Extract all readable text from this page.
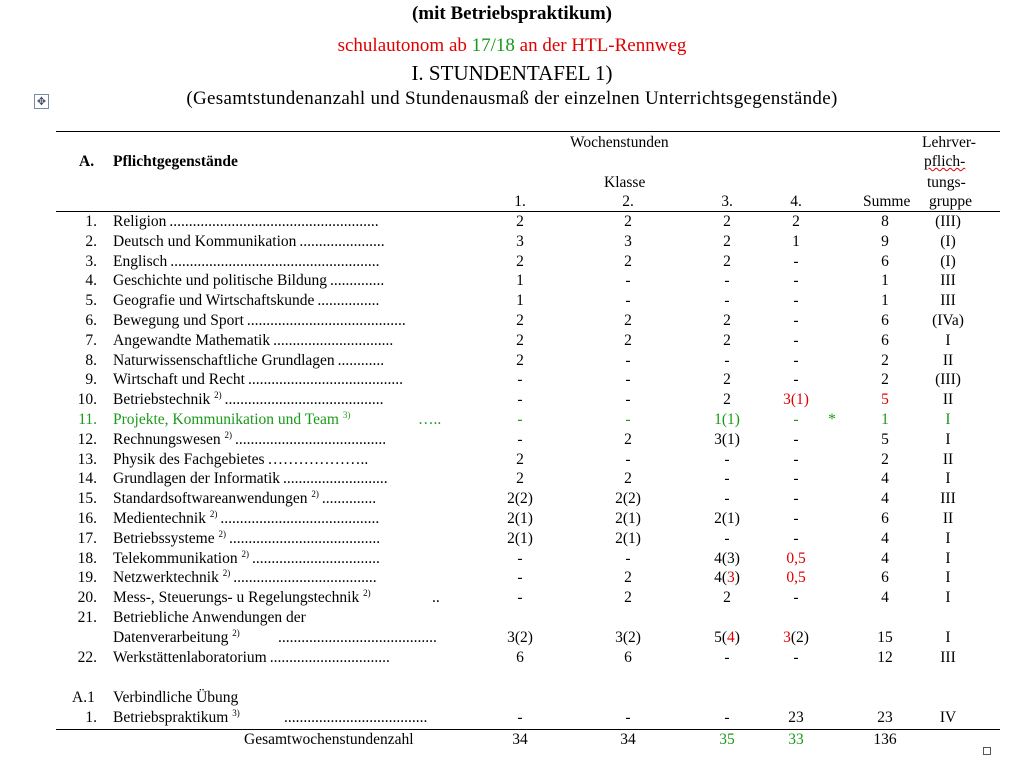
(mit Betriebspraktikum)
schulautonom ab 17/18 an der HTL-Rennweg
I. STUNDENTAFEL 1)
(Gesamtstundenanzahl und Stundenausmaß der einzelnen Unterrichtsgegenstände)
✥
A. Pflichtgegenstände
Wochenstunden
Klasse
1.	2.	3.	4.	Summe
Lehrver-
pflich-
tungs-
gruppe
1. Religion ......................................................	2	2	2	2	8	(III)
2. Deutsch und Kommunikation ......................	3	3	2	1	9	(I)
3. Englisch ......................................................	2	2	2	-	6	(I)
4. Geschichte und politische Bildung ..............	1	-	-	-	1	III
5. Geografie und Wirtschaftskunde ................	1	-	-	-	1	III
6. Bewegung und Sport .........................................	2	2	2	-	6	(IVa)
7. Angewandte Mathematik ...............................	2	2	2	-	6	I
8. Naturwissenschaftliche Grundlagen ............	2	-	-	-	2	II
9. Wirtschaft und Recht ........................................	-	-	2	-	2	(III)
10. Betriebstechnik $^{2)}$ .........................................	-	-	2	3(1)	5	II
11. Projekte, Kommunikation und Team $^{3)}$	…..	-	-	1(1)	-	*	1	I
12. Rechnungswesen $^{2)}$ .......................................	-	2	3(1)	-	5	I
13. Physik des Fachgebietes ………………..	2	-	-	-	2	II
14. Grundlagen der Informatik ...........................	2	2	-	-	4	I
15. Standardsoftwareanwendungen $^{2)}$ ..............	2(2)	2(2)	-	-	4	III
16. Medientechnik $^{2)}$ .........................................	2(1)	2(1)	2(1)	-	6	II
17. Betriebssysteme $^{2)}$ .......................................	2(1)	2(1)	-	-	4	I
18. Telekommunikation $^{2)}$ .................................	-	-	4(3)	0,5	4	I
19. Netzwerktechnik $^{2)}$ .....................................	-	2	4(3)	0,5	6	I
20. Mess-, Steuerungs- u Regelungstechnik $^{2)}$	..	-	2	2	-	4	I
21. Betriebliche Anwendungen der
Datenverarbeitung $^{2)}$ .........................................	3(2)	3(2)	5(4)	3(2)	15	I
22. Werkstättenlaboratorium ...............................	6	6	-	-	12	III
A.1 Verbindliche Übung
1. Betriebspraktikum $^{3)}$	.....................................	-	-	-	23	23	IV
Gesamtwochenstundenzahl	34	34	35	33	136
